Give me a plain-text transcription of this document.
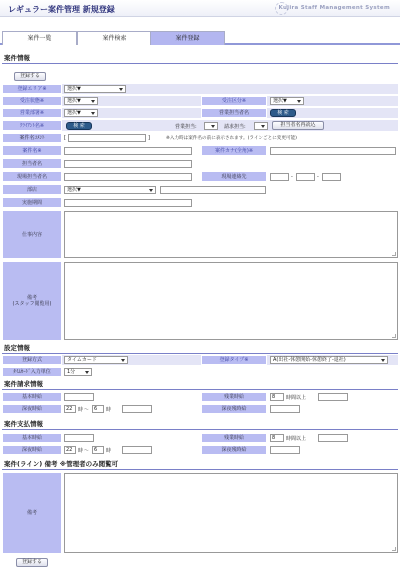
レギュラー案件管理 新規登録	Kujira Staff Management System
案件一覧	案件検索	案件登録
案件情報
登録する
登録エリア※	選択▼
受注状態※	選択▼	受注区分※	選択▼
営業部署※	選択▼	営業担当者名	検 索
ｸﾗｲｱﾝﾄ名※	検 索	営業担当:	請求担当:	担当者名再読込
案件名ｺﾒﾝﾄ	[	]	※入力時は案件名の前に表示されます。(ラインごとに変更可能)
案件名※	案件カナ(全角)※
担当者名
現場担当者名	現場連絡先	-	-
部店	選択▼
実施期間
仕事内容
備考
(スタッフ閲覧用)
設定情報
登録方式	タイムカード	登録タイプ※	A(出社-休憩開始-休憩終了-退社)
ﾀｲﾑｶｰﾄﾞ入力単位	1分
案件請求情報
基本時給	残業時給	8	時間以上
深夜時給	22	時 ～ 6	時	深夜残時給
案件支払情報
基本時給	残業時給	8	時間以上
深夜時給	22	時 ～ 6	時	深夜残時給
案件(ライン) 備考 ※管理者のみ閲覧可
備考
登録する
